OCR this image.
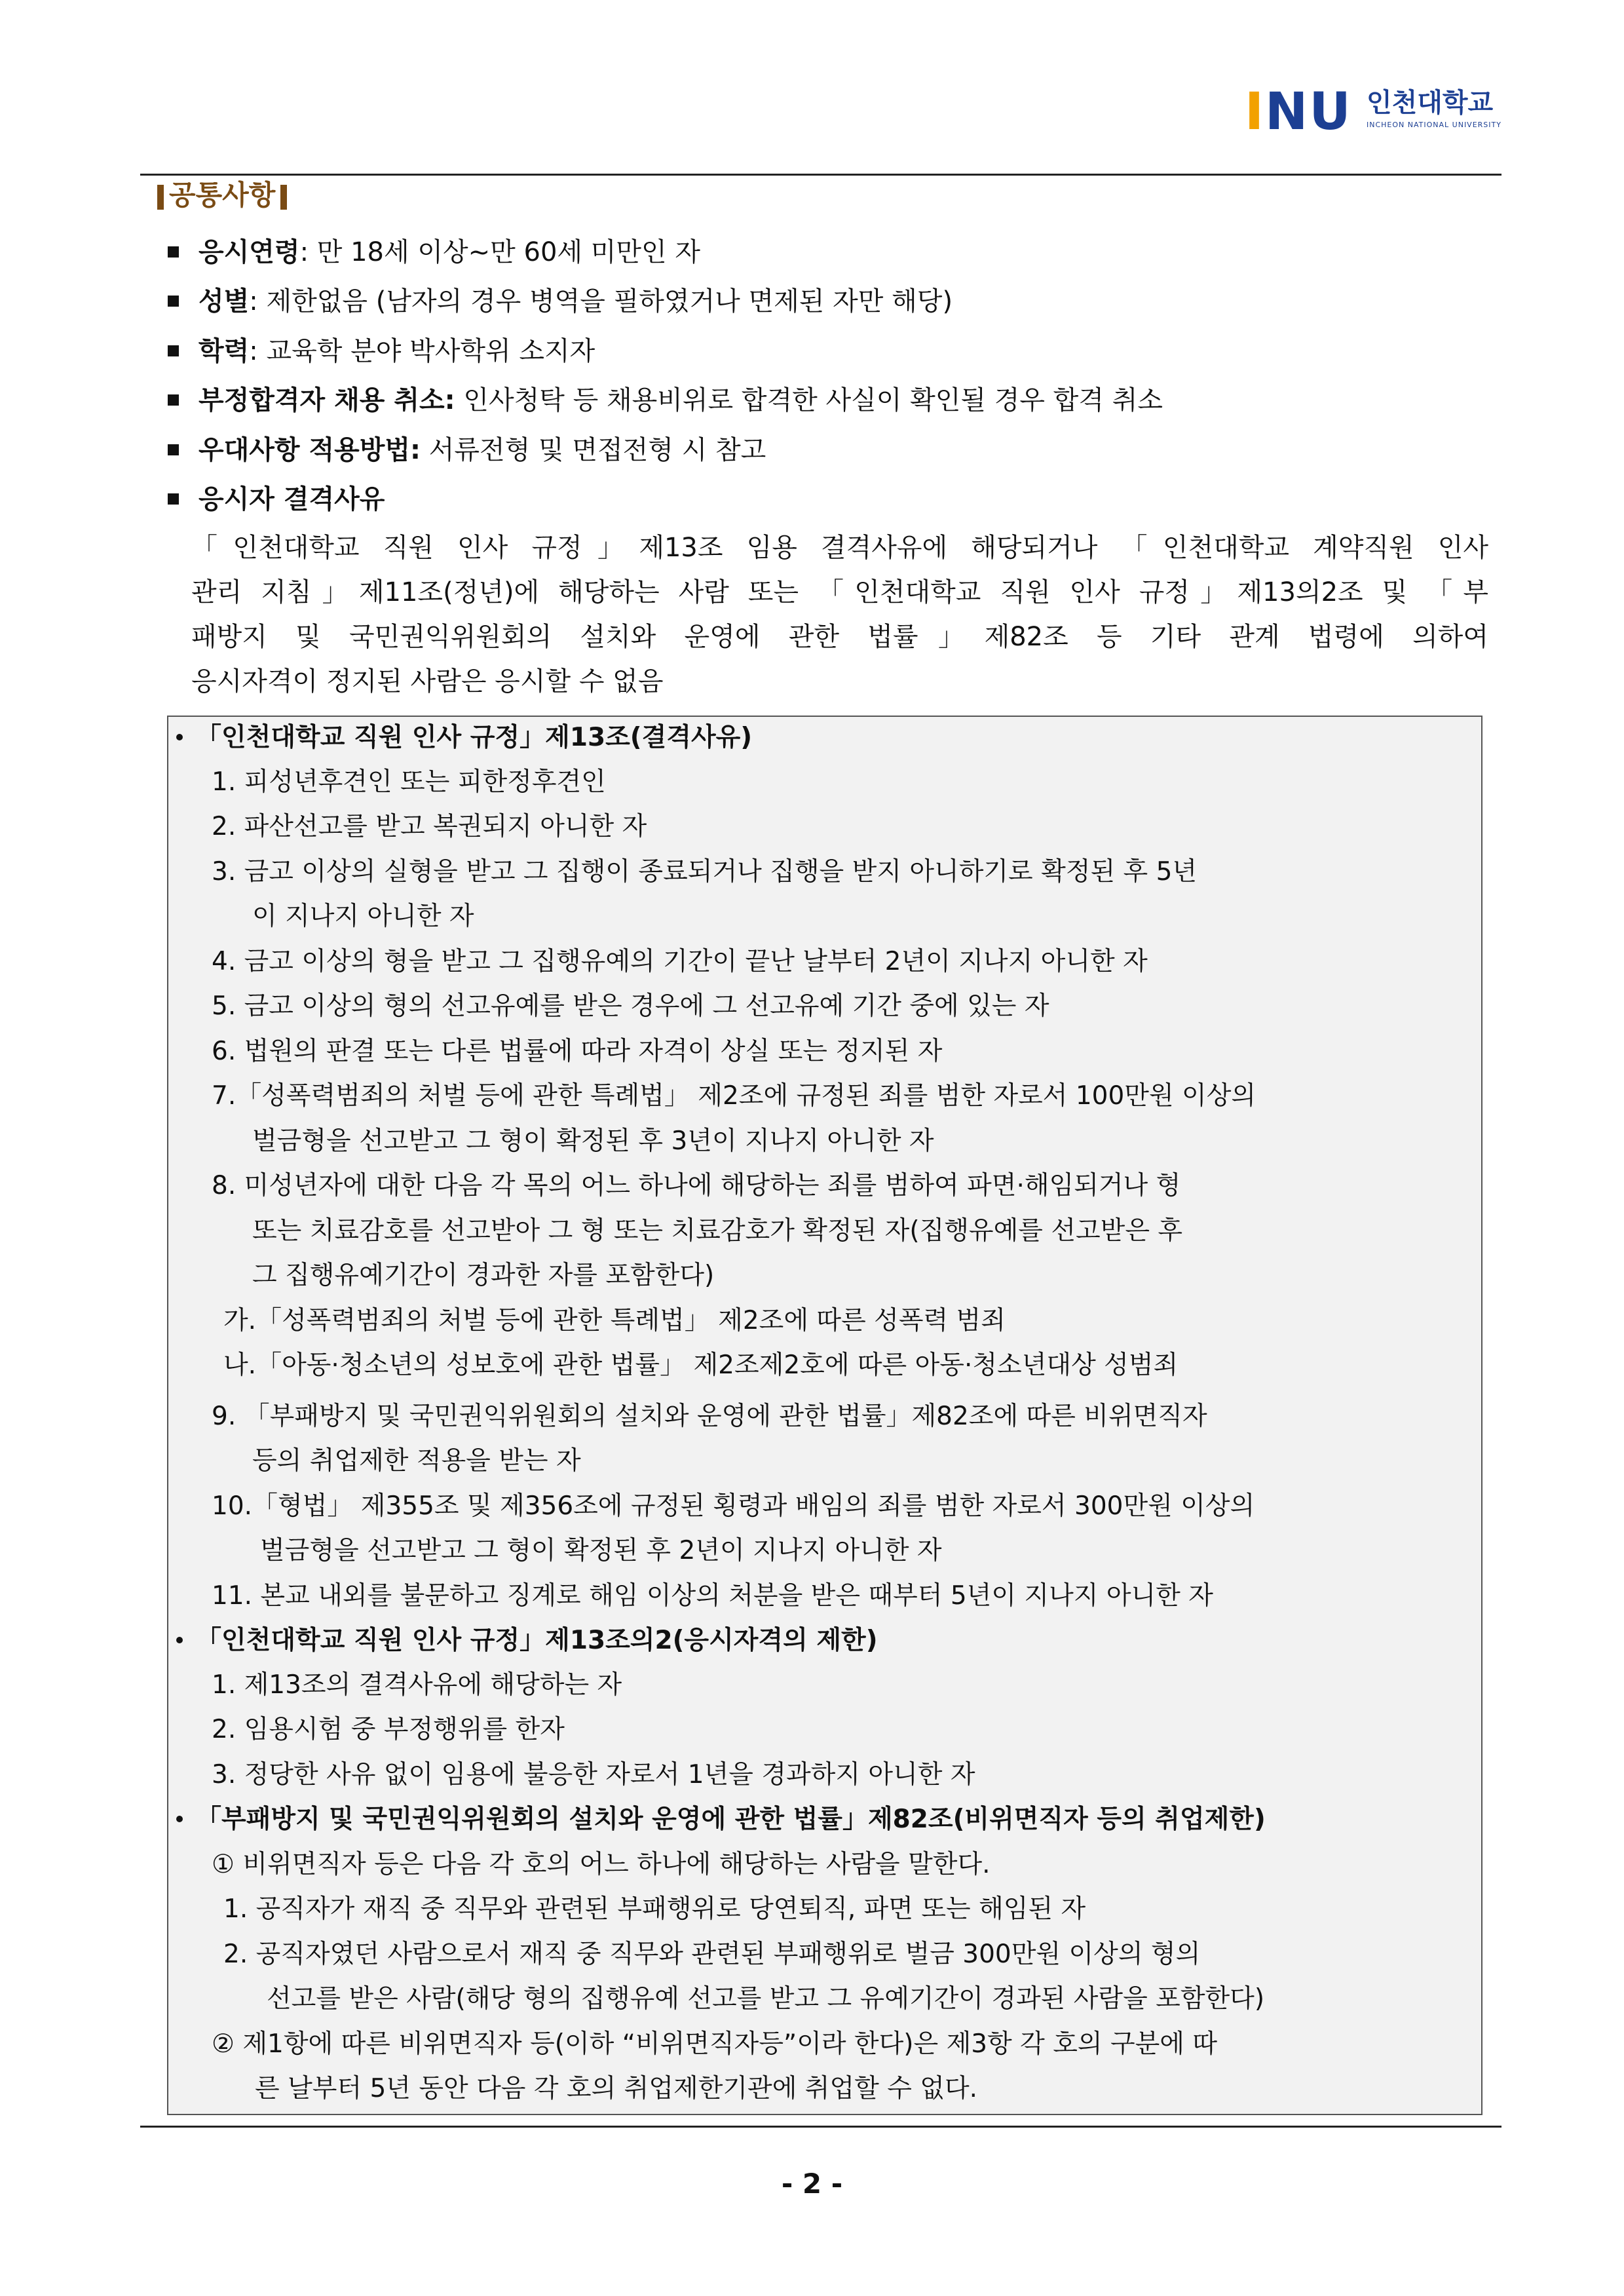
INU 인천대학교
INCHEON NATIONAL UNIVERSITY
공통사항
응시연령: 만 18세 이상~만 60세 미만인 자
성별: 제한없음 (남자의 경우 병역을 필하였거나 면제된 자만 해당)
학력: 교육학 분야 박사학위 소지자
부정합격자 채용 취소: 인사청탁 등 채용비위로 합격한 사실이 확인될 경우 합격 취소
우대사항 적용방법: 서류전형 및 면접전형 시 참고
응시자 결격사유
「인천대학교 직원 인사 규정」제13조 임용 결격사유에 해당되거나 「인천대학교 계약직원 인사
관리 지침」제11조(정년)에 해당하는 사람 또는 「인천대학교 직원 인사 규정」제13의2조 및 「부
패방지 및 국민권익위원회의 설치와 운영에 관한 법률」제82조 등 기타 관계 법령에 의하여
응시자격이 정지된 사람은 응시할 수 없음
「인천대학교 직원 인사 규정」제13조(결격사유)
1. 피성년후견인 또는 피한정후견인
2. 파산선고를 받고 복권되지 아니한 자
3. 금고 이상의 실형을 받고 그 집행이 종료되거나 집행을 받지 아니하기로 확정된 후 5년
이 지나지 아니한 자
4. 금고 이상의 형을 받고 그 집행유예의 기간이 끝난 날부터 2년이 지나지 아니한 자
5. 금고 이상의 형의 선고유예를 받은 경우에 그 선고유예 기간 중에 있는 자
6. 법원의 판결 또는 다른 법률에 따라 자격이 상실 또는 정지된 자
7.「성폭력범죄의 처벌 등에 관한 특례법」 제2조에 규정된 죄를 범한 자로서 100만원 이상의
벌금형을 선고받고 그 형이 확정된 후 3년이 지나지 아니한 자
8. 미성년자에 대한 다음 각 목의 어느 하나에 해당하는 죄를 범하여 파면·해임되거나 형
또는 치료감호를 선고받아 그 형 또는 치료감호가 확정된 자(집행유예를 선고받은 후
그 집행유예기간이 경과한 자를 포함한다)
가.「성폭력범죄의 처벌 등에 관한 특례법」 제2조에 따른 성폭력 범죄
나.「아동·청소년의 성보호에 관한 법률」 제2조제2호에 따른 아동·청소년대상 성범죄
9. 「부패방지 및 국민권익위원회의 설치와 운영에 관한 법률」제82조에 따른 비위면직자
등의 취업제한 적용을 받는 자
10.「형법」 제355조 및 제356조에 규정된 횡령과 배임의 죄를 범한 자로서 300만원 이상의
벌금형을 선고받고 그 형이 확정된 후 2년이 지나지 아니한 자
11. 본교 내외를 불문하고 징계로 해임 이상의 처분을 받은 때부터 5년이 지나지 아니한 자
「인천대학교 직원 인사 규정」제13조의2(응시자격의 제한)
1. 제13조의 결격사유에 해당하는 자
2. 임용시험 중 부정행위를 한자
3. 정당한 사유 없이 임용에 불응한 자로서 1년을 경과하지 아니한 자
「부패방지 및 국민권익위원회의 설치와 운영에 관한 법률」제82조(비위면직자 등의 취업제한)
① 비위면직자 등은 다음 각 호의 어느 하나에 해당하는 사람을 말한다.
1. 공직자가 재직 중 직무와 관련된 부패행위로 당연퇴직, 파면 또는 해임된 자
2. 공직자였던 사람으로서 재직 중 직무와 관련된 부패행위로 벌금 300만원 이상의 형의
선고를 받은 사람(해당 형의 집행유예 선고를 받고 그 유예기간이 경과된 사람을 포함한다)
② 제1항에 따른 비위면직자 등(이하 “비위면직자등”이라 한다)은 제3항 각 호의 구분에 따
른 날부터 5년 동안 다음 각 호의 취업제한기관에 취업할 수 없다.
- 2 -
